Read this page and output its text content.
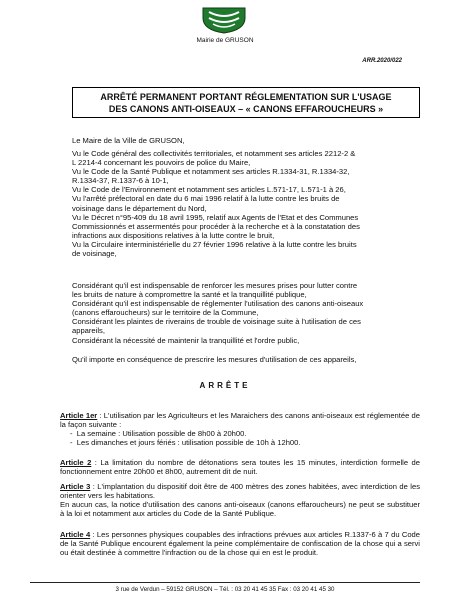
Mairie de GRUSON
ARR.2020/022
ARRÊTÉ PERMANENT PORTANT RÉGLEMENTATION SUR L'USAGE
DES CANONS ANTI-OISEAUX – « CANONS EFFAROUCHEURS »
Le Maire de la Ville de GRUSON,

Vu le Code général des collectivités territoriales, et notamment ses articles 2212-2 &

L 2214-4 concernant les pouvoirs de police du Maire,

Vu le Code de la Santé Publique et notamment ses articles R.1334-31, R.1334-32,

R.1334-37, R.1337-6 à 10-1,

Vu le Code de l'Environnement et notamment ses articles L.571-17, L.571-1 à 26,

Vu l'arrêté préfectoral en date du 6 mai 1996 relatif à la lutte contre les bruits de

voisinage dans le département du Nord,

Vu le Décret n°95-409 du 18 avril 1995, relatif aux Agents de l'Etat et des Communes

Commissionnés et assermentés pour procéder à la recherche et à la constatation des

infractions aux dispositions relatives à la lutte contre le bruit,

Vu la Circulaire interministérielle du 27 février 1996 relative à la lutte contre les bruits

de voisinage,

Considérant qu'il est indispensable de renforcer les mesures prises pour lutter contre

les bruits de nature à compromettre la santé et la tranquillité publique,

Considérant qu'il est indispensable de réglementer l'utilisation des canons anti-oiseaux

(canons effaroucheurs) sur le territoire de la Commune,

Considérant les plaintes de riverains de trouble de voisinage suite à l'utilisation de ces

appareils,

Considérant la nécessité de maintenir la tranquillité et l'ordre public,

Qu'il importe en conséquence de prescrire les mesures d'utilisation de ces appareils,
ARRÊTE

Article 1er : L'utilisation par les Agriculteurs et les Maraichers des canons anti-oiseaux est réglementée de la façon suivante :

-  La semaine : Utilisation possible de 8h00 à 20h00.

-  Les dimanches et jours fériés : utilisation possible de 10h à 12h00.

Article 2 : La limitation du nombre de détonations sera toutes les 15 minutes, interdiction formelle de fonctionnement entre 20h00 et 8h00, autrement dit de nuit.

Article 3 : L'implantation du dispositif doit être de 400 mètres des zones habitées, avec interdiction de les orienter vers les habitations.

En aucun cas, la notice d'utilisation des canons anti-oiseaux (canons effaroucheurs) ne peut se substituer à la loi et notamment aux articles du Code de la Santé Publique.

Article 4 : Les personnes physiques coupables des infractions prévues aux articles R.1337-6 à 7 du Code de la Santé Publique encourent également la peine complémentaire de confiscation de la chose qui a servi ou était destinée à commettre l'infraction ou de la chose qui en est le produit.

3 rue de Verdun – 59152 GRUSON – Tél. : 03 20 41 45 35 Fax : 03 20 41 45 30
